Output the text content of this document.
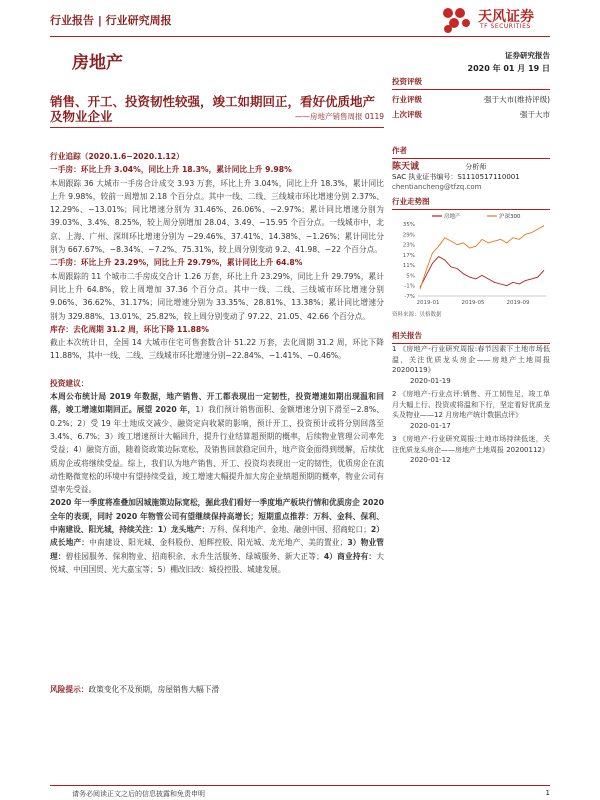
行业报告 | 行业研究周报	天风证券
TF SECURITIES
房地产	证券研究报告
2020 年 01 月 19 日
销售、开工、投资韧性较强，竣工如期回正，看好优质地产及物业企业	——房地产销售周报 0119
投资评级
行业评级	强于大市(维持评级)
上次评级	强于大市
作者
陈天诚	分析师
SAC 执业证书编号：S1110517110001
chentiancheng@tfzq.com
行业走势图
35%
29%
23%
17%
11%
5%
-1%
-7%
2019-01	2019-05	2019-09
房地产	沪深300
资料来源：贝格数据
相关报告
1 《房地产-行业研究周报:春节因素下土地市场低温，关注优质龙头房企——房地产土地周报 20200119》
2020-01-19
2 《房地产-行业点评:销售、开工韧性足，竣工单月大幅上行、投资或将温和下行，坚定看好优质龙头及物业——12 月房地产统计数据点评》
2020-01-17
3 《房地产-行业研究周报:土地市场持续低迷，关注优质龙头房企——房地产土地周报 20200112》
2020-01-12
行业追踪（2020.1.6−2020.1.12）
一手房：环比上升 3.04%，同比上升 18.3%，累计同比上升 9.98%

本周跟踪 36 大城市一手房合计成交 3.93 万套，环比上升 3.04%，同比上升 18.3%，累计同比上升 9.98%，较前一周增加 2.18 个百分点。其中一线、二线、三线城市环比增速分别 2.37%、12.29%、−13.01%；同比增速分别为 31.46%、26.06%、−2.97%；累计同比增速分别为 39.03%、3.4%、8.25%，较上周分别增加 28.04、3.49、−15.95 个百分点。一线城市中，北京、上海、广州、深圳环比增速分别为 −29.46%、37.41%、14.38%、−1.26%；累计同比分别为 667.67%、−8.34%、−7.2%、75.31%，较上周分别变动 9.2、41.98、−22 个百分点。

二手房：环比上升 23.29%，同比上升 29.79%，累计同比上升 64.8%

本周跟踪的 11 个城市二手房成交合计 1.26 万套，环比上升 23.29%，同比上升 29.79%，累计同比上升 64.8%，较上周增加 37.36 个百分点。其中一线、二线、三线城市环比增速分别 9.06%、36.62%、31.17%；同比增速分别为 33.35%、28.81%、13.38%；累计同比增速分别为 329.88%、13.01%、25.82%，较上周分别变动了 97.22、21.05、42.66 个百分点。

库存：去化周期 31.2 周，环比下降 11.88%

截止本次统计日，全国 14 大城市住宅可售套数合计 51.22 万套，去化周期 31.2 周，环比下降 11.88%，其中一线、二线、三线城市环比增速分别−22.84%、−1.41%、−0.46%。

投资建议：

本周公布统计局 2019 年数据，地产销售、开工都表现出一定韧性，投资增速如期出现温和回落，竣工增速如期回正。展望 2020 年，1）我们预计销售面积、金额增速分别下滑至−2.8%、0.2%；2）受 19 年土地成交减少、融资定向收紧的影响，预计开工、投资预计或将分别回落至 3.4%、6.7%；3）竣工增速预计大幅回升，提升行业结算超预期的概率，后续物业管理公司率先受益；4）融资方面，随着资政策边际宽松，及销售回款稳定回升，地产资金面得到缓解，后续优质房企或将继续受益。综上，我们认为地产销售、开工、投资均表现出一定的韧性，优质房企在流动性略微宽松的环境中有望持续受益，竣工增速大幅提升加大房企业绩超预期的概率，物业公司有望率先受益。

2020 年一季度将准叠加因城施策边际宽松，掘此我们看好一季度地产板块行情和优质房企 2020 全年的表现，同时 2020 年物管公司有望继续保持高增长；短期重点推荐：万科、金科、保利、中南建设、阳光城，持续关注：1）龙头地产：万科、保利地产、金地、融创中国、招商蛇口；2）成长地产：中南建设、阳光城、金科股份、旭辉控股、阳光城、龙光地产、美的置业；3）物业管理：碧桂园服务、保利物业、招商积余、永升生活服务、绿城服务、新大正等；4）商业持有：大悦城、中国国贸、光大嘉宝等；5）棚改旧改：城投控股、城建发展。

风险提示：政策变化不及预期，房屋销售大幅下滑
请务必阅读正文之后的信息披露和免责申明	1
